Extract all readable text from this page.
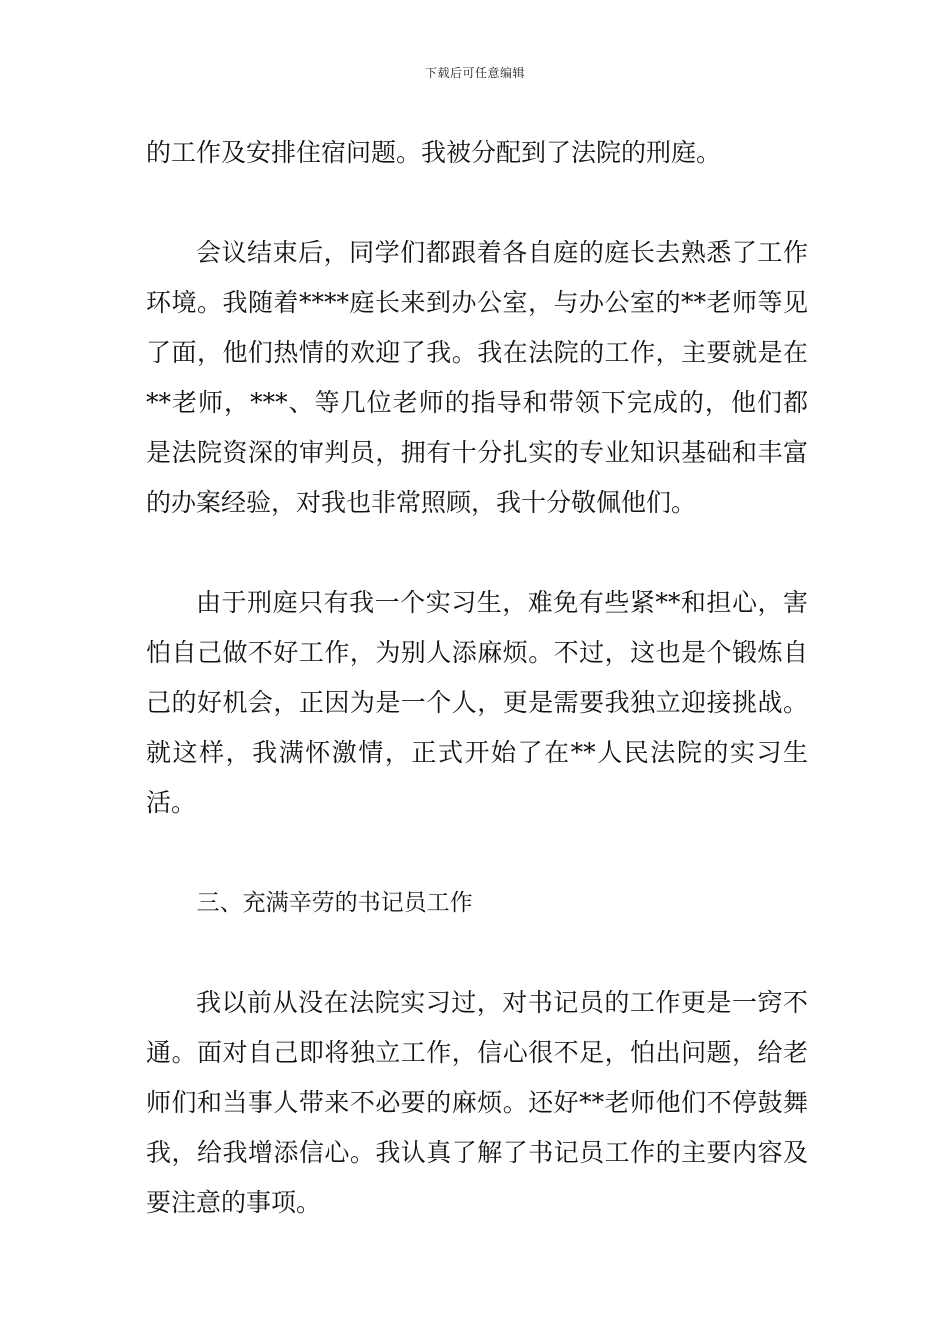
下载后可任意编辑

的工作及安排住宿问题。我被分配到了法院的刑庭。

会议结束后，同学们都跟着各自庭的庭长去熟悉了工作环境。我随着****庭长来到办公室，与办公室的**老师等见了面，他们热情的欢迎了我。我在法院的工作，主要就是在**老师，***、等几位老师的指导和带领下完成的，他们都是法院资深的审判员，拥有十分扎实的专业知识基础和丰富的办案经验，对我也非常照顾，我十分敬佩他们。

由于刑庭只有我一个实习生，难免有些紧**和担心，害怕自己做不好工作，为别人添麻烦。不过，这也是个锻炼自己的好机会，正因为是一个人，更是需要我独立迎接挑战。就这样，我满怀激情，正式开始了在**人民法院的实习生活。

三、充满辛劳的书记员工作

我以前从没在法院实习过，对书记员的工作更是一窍不通。面对自己即将独立工作，信心很不足，怕出问题，给老师们和当事人带来不必要的麻烦。还好**老师他们不停鼓舞我，给我增添信心。我认真了解了书记员工作的主要内容及要注意的事项。
